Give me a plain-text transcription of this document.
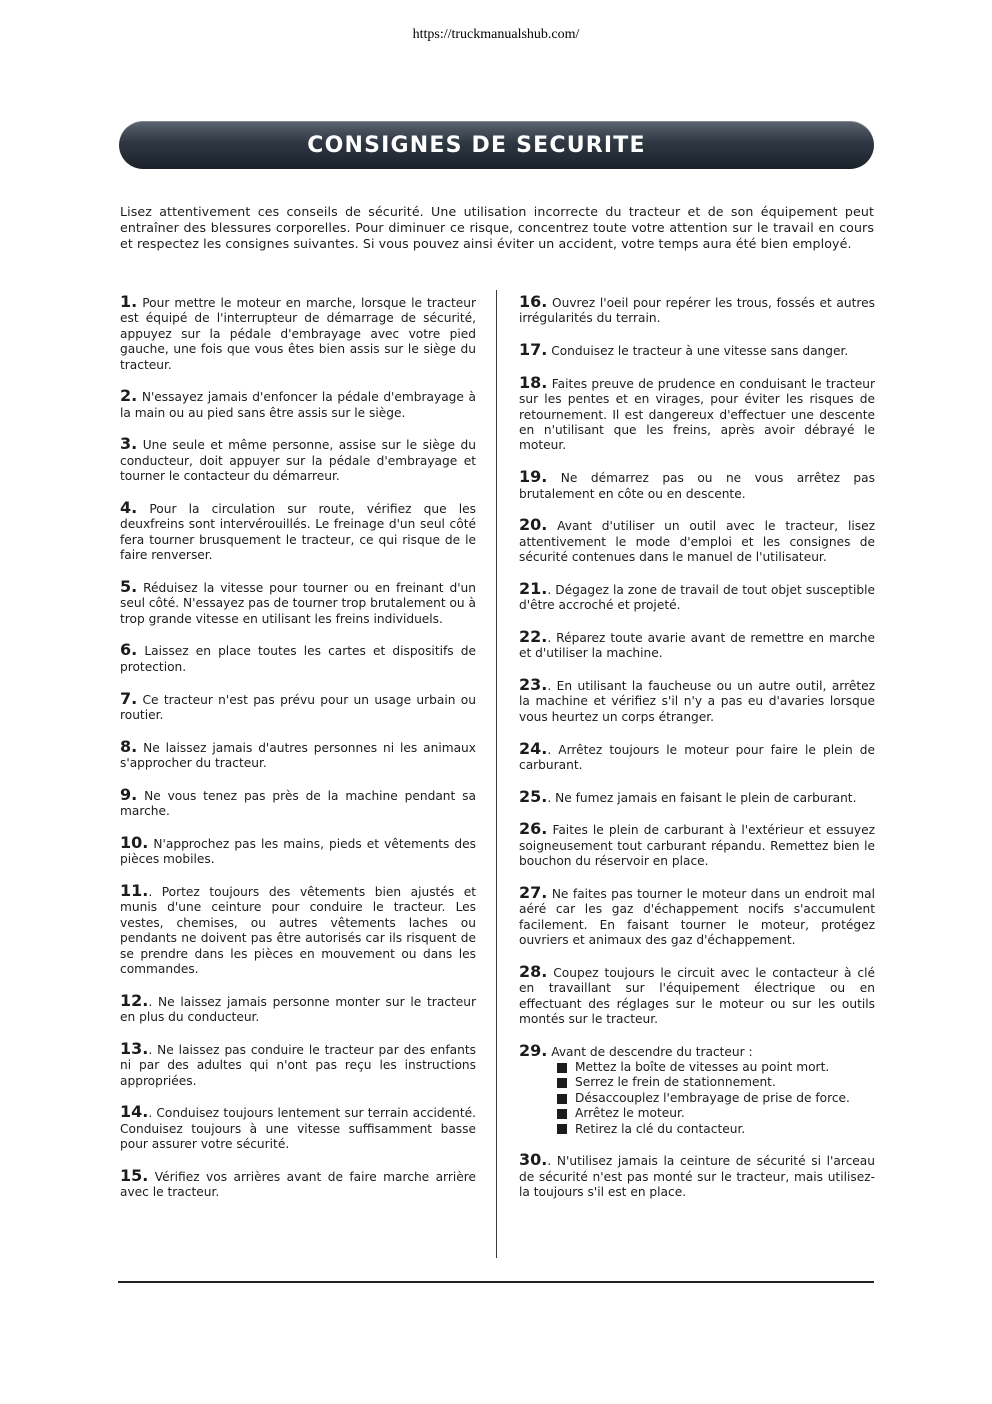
https://truckmanualshub.com/
CONSIGNES DE SECURITE

Lisez attentivement ces conseils de sécurité. Une utilisation incorrecte du tracteur et de son équipement peut entraîner des blessures corporelles. Pour diminuer ce risque, concentrez toute votre attention sur le travail en cours et respectez les consignes suivantes. Si vous pouvez ainsi éviter un accident, votre temps aura été bien employé.

1. Pour mettre le moteur en marche, lorsque le tracteur est équipé de l'interrupteur de démarrage de sécurité, appuyez sur la pédale d'embrayage avec votre pied gauche, une fois que vous êtes bien assis sur le siège du tracteur.
2. N'essayez jamais d'enfoncer la pédale d'embrayage à la main ou au pied sans être assis sur le siège.
3. Une seule et même personne, assise sur le siège du conducteur, doit appuyer sur la pédale d'embrayage et tourner le contacteur du démarreur.
4. Pour la circulation sur route, vérifiez que les deuxfreins sont intervérouillés. Le freinage d'un seul côté fera tourner brusquement le tracteur, ce qui risque de le faire renverser.
5. Réduisez la vitesse pour tourner ou en freinant d'un seul côté. N'essayez pas de tourner trop brutalement ou à trop grande vitesse en utilisant les freins individuels.
6. Laissez en place toutes les cartes et dispositifs de protection.
7. Ce tracteur n'est pas prévu pour un usage urbain ou routier.
8. Ne laissez jamais d'autres personnes ni les animaux s'approcher du tracteur.
9. Ne vous tenez pas près de la machine pendant sa marche.
10. N'approchez pas les mains, pieds et vêtements des pièces mobiles.
11.. Portez toujours des vêtements bien ajustés et munis d'une ceinture pour conduire le tracteur. Les vestes, chemises, ou autres vêtements laches ou pendants ne doivent pas être autorisés car ils risquent de se prendre dans les pièces en mouvement ou dans les commandes.
12.. Ne laissez jamais personne monter sur le tracteur en plus du conducteur.
13.. Ne laissez pas conduire le tracteur par des enfants ni par des adultes qui n'ont pas reçu les instructions appropriées.
14.. Conduisez toujours lentement sur terrain accidenté. Conduisez toujours à une vitesse suffisamment basse pour assurer votre sécurité.
15. Vérifiez vos arrières avant de faire marche arrière avec le tracteur.
16. Ouvrez l'oeil pour repérer les trous, fossés et autres irrégularités du terrain.
17. Conduisez le tracteur à une vitesse sans danger.
18. Faites preuve de prudence en conduisant le tracteur sur les pentes et en virages, pour éviter les risques de retournement. Il est dangereux d'effectuer une descente en n'utilisant que les freins, après avoir débrayé le moteur.
19. Ne démarrez pas ou ne vous arrêtez pas brutalement en côte ou en descente.
20. Avant d'utiliser un outil avec le tracteur, lisez attentivement le mode d'emploi et les consignes de sécurité contenues dans le manuel de l'utilisateur.
21.. Dégagez la zone de travail de tout objet susceptible d'être accroché et projeté.
22.. Réparez toute avarie avant de remettre en marche et d'utiliser la machine.
23.. En utilisant la faucheuse ou un autre outil, arrêtez la machine et vérifiez s'il n'y a pas eu d'avaries lorsque vous heurtez un corps étranger.
24.. Arrêtez toujours le moteur pour faire le plein de carburant.
25.. Ne fumez jamais en faisant le plein de carburant.
26. Faites le plein de carburant à l'extérieur et essuyez soigneusement tout carburant répandu. Remettez bien le bouchon du réservoir en place.
27. Ne faites pas tourner le moteur dans un endroit mal aéré car les gaz d'échappement nocifs s'accumulent facilement. En faisant tourner le moteur, protégez ouvriers et animaux des gaz d'échappement.
28. Coupez toujours le circuit avec le contacteur à clé en travaillant sur l'équipement électrique ou en effectuant des réglages sur le moteur ou sur les outils montés sur le tracteur.
29. Avant de descendre du tracteur :
Mettez la boîte de vitesses au point mort.
Serrez le frein de stationnement.
Désaccouplez l'embrayage de prise de force.
Arrêtez le moteur.
Retirez la clé du contacteur.
30.. N'utilisez jamais la ceinture de sécurité si l'arceau de sécurité n'est pas monté sur le tracteur, mais utilisez-la toujours s'il est en place.
